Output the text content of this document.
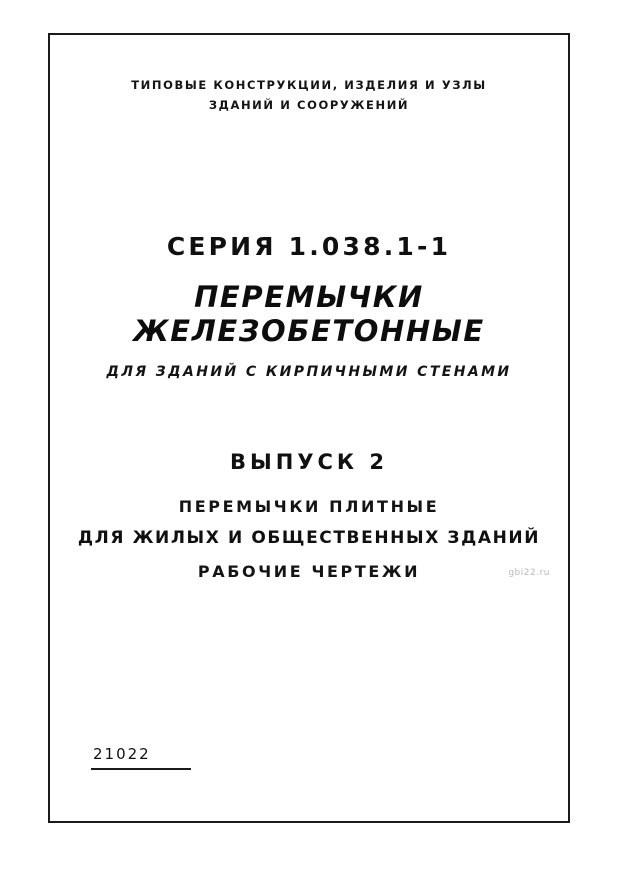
ТИПОВЫЕ КОНСТРУКЦИИ, ИЗДЕЛИЯ И УЗЛЫ
ЗДАНИЙ И СООРУЖЕНИЙ
СЕРИЯ 1.038.1-1
ПЕРЕМЫЧКИ ЖЕЛЕЗОБЕТОННЫЕ
ДЛЯ ЗДАНИЙ С КИРПИЧНЫМИ СТЕНАМИ
ВЫПУСК 2
ПЕРЕМЫЧКИ ПЛИТНЫЕ
ДЛЯ ЖИЛЫХ И ОБЩЕСТВЕННЫХ ЗДАНИЙ
РАБОЧИЕ ЧЕРТЕЖИ	gbi22.ru
21022
